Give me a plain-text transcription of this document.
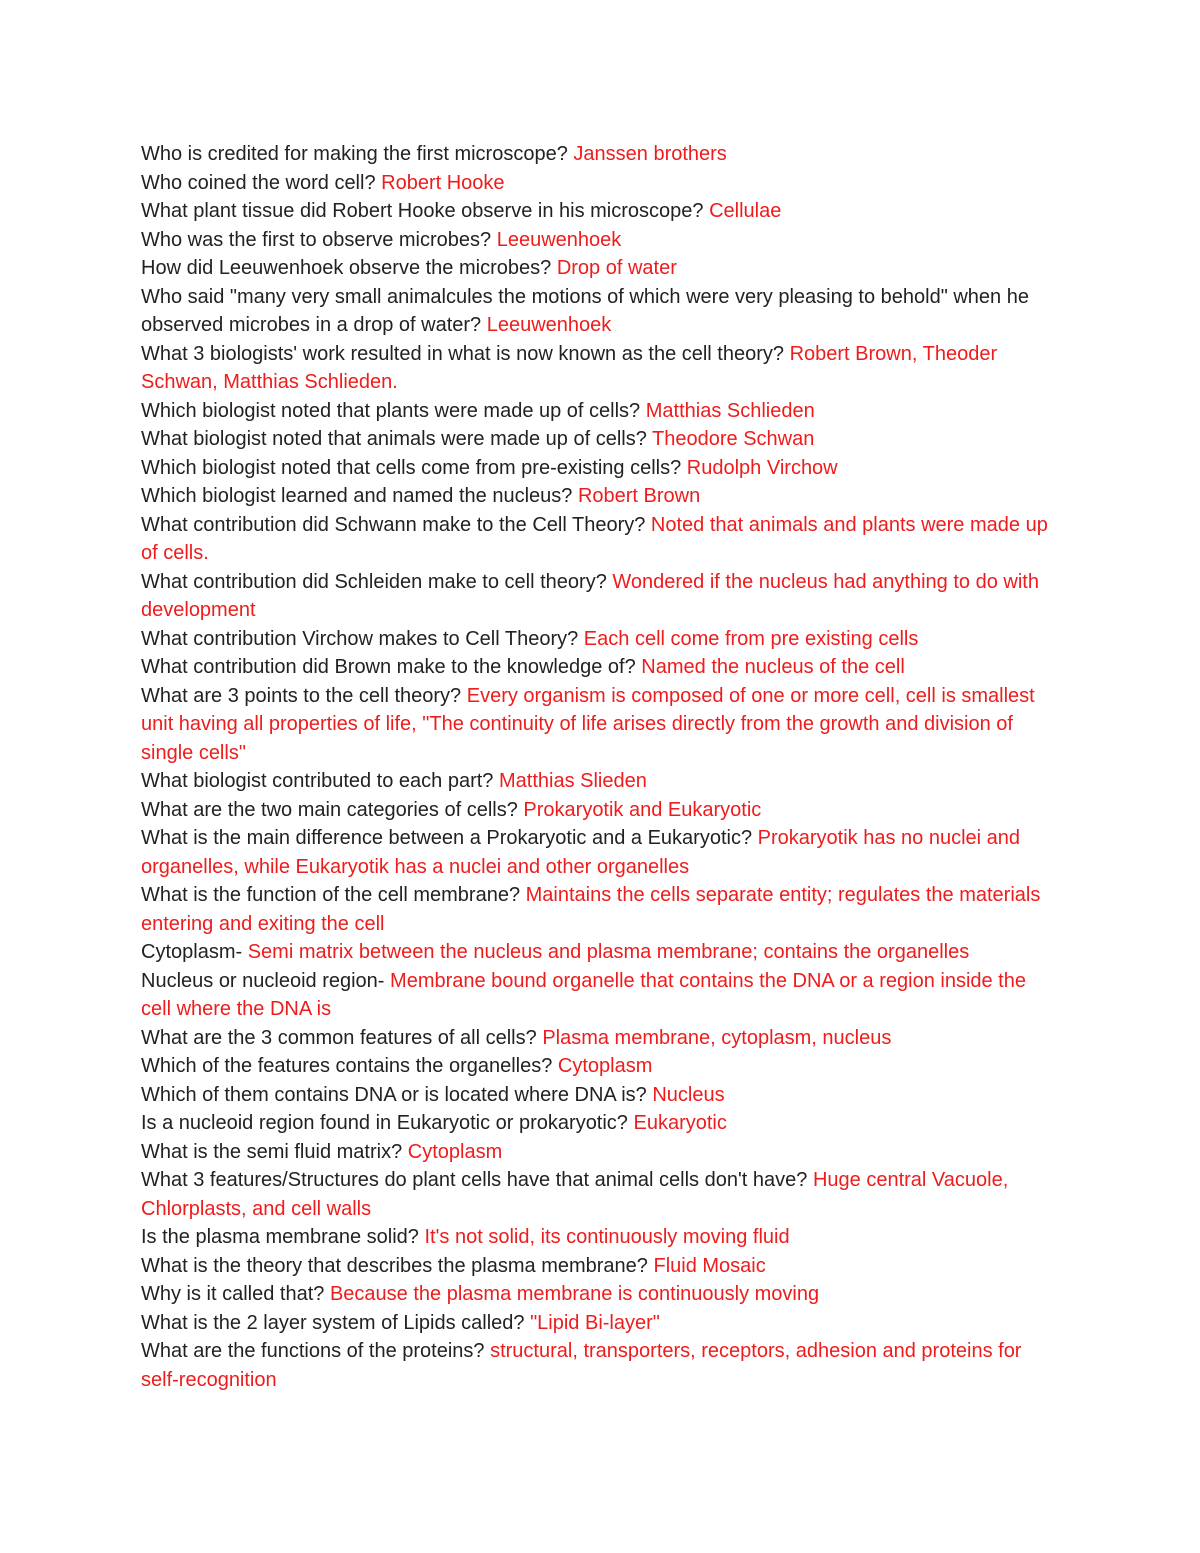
Who is credited for making the first microscope? Janssen brothers

Who coined the word cell? Robert Hooke

What plant tissue did Robert Hooke observe in his microscope? Cellulae

Who was the first to observe microbes? Leeuwenhoek

How did Leeuwenhoek observe the microbes? Drop of water

Who said "many very small animalcules the motions of which were very pleasing to behold" when he observed microbes in a drop of water? Leeuwenhoek

What 3 biologists' work resulted in what is now known as the cell theory? Robert Brown, Theoder Schwan, Matthias Schlieden.

Which biologist noted that plants were made up of cells? Matthias Schlieden

What biologist noted that animals were made up of cells? Theodore Schwan

Which biologist noted that cells come from pre-existing cells? Rudolph Virchow

Which biologist learned and named the nucleus? Robert Brown

What contribution did Schwann make to the Cell Theory? Noted that animals and plants were made up of cells.

What contribution did Schleiden make to cell theory? Wondered if the nucleus had anything to do with development

What contribution Virchow makes to Cell Theory? Each cell come from pre existing cells

What contribution did Brown make to the knowledge of? Named the nucleus of the cell

What are 3 points to the cell theory? Every organism is composed of one or more cell, cell is smallest unit having all properties of life, "The continuity of life arises directly from the growth and division of single cells"

What biologist contributed to each part? Matthias Slieden

What are the two main categories of cells? Prokaryotik and Eukaryotic

What is the main difference between a Prokaryotic and a Eukaryotic? Prokaryotik has no nuclei and organelles, while Eukaryotik has a nuclei and other organelles

What is the function of the cell membrane? Maintains the cells separate entity; regulates the materials entering and exiting the cell

Cytoplasm- Semi matrix between the nucleus and plasma membrane; contains the organelles

Nucleus or nucleoid region- Membrane bound organelle that contains the DNA or a region inside the cell where the DNA is

What are the 3 common features of all cells? Plasma membrane, cytoplasm, nucleus

Which of the features contains the organelles? Cytoplasm

Which of them contains DNA or is located where DNA is? Nucleus

Is a nucleoid region found in Eukaryotic or prokaryotic? Eukaryotic

What is the semi fluid matrix? Cytoplasm

What 3 features/Structures do plant cells have that animal cells don't have? Huge central Vacuole, Chlorplasts, and cell walls

Is the plasma membrane solid? It's not solid, its continuously moving fluid

What is the theory that describes the plasma membrane? Fluid Mosaic

Why is it called that? Because the plasma membrane is continuously moving

What is the 2 layer system of Lipids called? "Lipid Bi-layer"

What are the functions of the proteins? structural, transporters, receptors, adhesion and proteins for self-recognition
